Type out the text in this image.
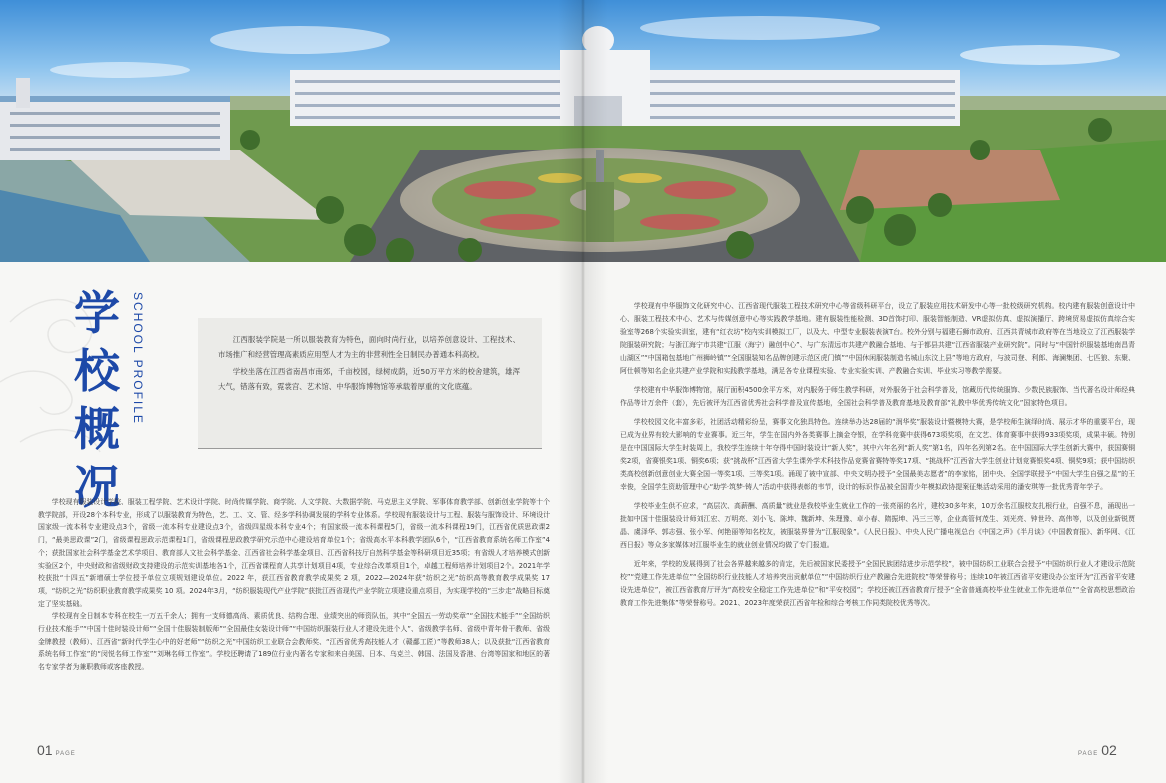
学
校
概
况
SCHOOL PROFILE	江西服装学院是一所以服装教育为特色，面向时尚行业，以培养创意设计、工程技术、市场推广和经营管理高素质应用型人才为主的非营利性全日制民办普通本科高校。

学校坐落在江西省南昌市南郊，千亩校园，绿树成荫，近50万平方米的校舍建筑，雄浑大气，错落有致，霓裳宫、艺术馆、中华服饰博物馆等承载着厚重的文化底蕴。

学校现有服装设计学院、服装工程学院、艺术设计学院、时尚传媒学院、商学院、人文学院、大数据学院、马克思主义学院、军事体育教学部、创新创业学院等十个教学院部，开设28个本科专业，形成了以服装教育为特色，艺、工、文、管、经多学科协调发展的学科专业体系。学校现有服装设计与工程、服装与服饰设计、环境设计国家级一流本科专业建设点3个，省级一流本科专业建设点3个，省级四星级本科专业4个；有国家级一流本科课程5门，省级一流本科课程19门，江西省优质思政课2门，“最美思政课”2门，省级课程思政示范课程1门，省级课程思政教学研究示范中心建设培育单位1个；省级高水平本科教学团队6个，“江西省教育系统名师工作室”4个；获批国家社会科学基金艺术学项目、教育部人文社会科学基金、江西省社会科学基金项目、江西省科技厅自然科学基金等科研项目近35项；有省级人才培养模式创新实验区2个，中央财政和省级财政支持建设的示范实训基地各1个，江西省课程育人共享计划项目4项，专业综合改革项目1个，卓越工程师培养计划项目2个。2021年学校获批“十四五”新增硕士学位授予单位立项规划建设单位。2022 年，获江西省教育教学成果奖 2 项，2022—2024年获“纺织之光”纺织高等教育教学成果奖 17 项，“纺织之光”纺织职业教育教学成果奖 10 项。2024年3月，“纺织服装现代产业学院”获批江西省现代产业学院立项建设重点项目，为实现学校的“三步走”战略目标奠定了坚实基础。

学校现有全日制本专科在校生一万五千余人；拥有一支师德高尚、素质优良、结构合理、业绩突出的师资队伍，其中“全国五一劳动奖章”“全国技术能手”“全国纺织行业技术能手”“中国十佳时装设计师”“全国十佳服装制版师”“全国最佳女装设计师”“中国纺织服装行业人才建设先进个人”、省级教学名师、省级中青年骨干教师、省级金牌教授（教师）、江西省“新时代学生心中的好老师”“纺织之光”中国纺织工业联合会教师奖、“江西省优秀高技能人才（赣鄱工匠）”等教师38人；以及获批“江西省教育系统名师工作室”的“闵悦名师工作室”“刘琳名师工作室”。学校还聘请了189位行业内著名专家和来自美国、日本、乌克兰、韩国、法国及香港、台湾等国家和地区的著名专家学者为兼职教师或客座教授。

01 PAGE

学校现有中华服饰文化研究中心、江西省现代服装工程技术研究中心等省级科研平台，设立了服装应用技术研发中心等一批校级研究机构。校内建有服装创意设计中心、服装工程技术中心、艺术与传媒创意中心等实践教学基地。建有服装性能检测、3D首饰打印、服装智能制造、VR虚拟仿真、虚拟演播厅、跨境贸易虚拟仿真综合实验室等268个实验实训室，建有“红衣坊”校内实训模拟工厂，以及大、中型专业服装表演T台。校外分别与福建石狮市政府、江西共青城市政府等在当地设立了江西服装学院服装研究院；与浙江海宁市共建“江服（海宁）融创中心”、与广东清远市共建产教融合基地、与于都县共建“江西省服装产业研究院”。同时与“中国针织服装基地南昌青山湖区”“中国箱包基地广州狮岭镇”“全国服装知名品牌创建示范区虎门镇”“中国休闲服装制造名城山东汶上县”等地方政府，与波司登、利郎、海澜集团、七匹狼、东聚、阿仕顿等知名企业共建产业学院和实践教学基地，满足各专业课程实验、专业实验实训、产教融合实训、毕业实习等教学需要。

学校建有中华服饰博物馆，展厅面积4500余平方米，对内服务于师生教学科研，对外服务于社会科学普及，馆藏历代传统服饰、少数民族服饰、当代著名设计师经典作品等计万余件（套），先后被评为江西省优秀社会科学普及宣传基地，全国社会科学普及教育基地及教育部“礼教中华优秀传统文化”国家特色项目。

学校校园文化丰富多彩，社团活动精彩纷呈，赛事文化独具特色。连续举办达28届的“润华奖”服装设计暨模特大赛，是学校师生演绎时尚、展示才华的重要平台，现已成为业界有较大影响的专业赛事。近三年，学生在国内外各类赛事上摘金夺银，在学科竞赛中获得673项奖项，在文艺、体育赛事中获得933项奖项，成果丰硕。特别是在中国国际大学生时装周上，我校学生连续十年夺得中国时装设计“新人奖”，其中六年名列“新人奖”第1名，四年名列第2名。在中国国际大学生创新大赛中，获国赛铜奖2项，省赛银奖1项、铜奖6项；获“挑战杯”江西省大学生课外学术科技作品竞赛省赛特等奖17项、“挑战杯”江西省大学生创业计划竞赛银奖4项、铜奖9项；获中国纺织类高校创新创意创业大赛全国一等奖1项、三等奖1项。涌现了被中宣部、中央文明办授予“全国最美志愿者”的李家铭，团中央、全国学联授予“中国大学生自强之星”的王幸俊，全国学生资助管理中心“助学·筑梦·铸人”活动中获得表彰的韦节，设计的标识作品被全国青少年模拟政协提案征集活动采用的潘安琪等一批优秀青年学子。

学校毕业生供不应求，“高层次、高薪酬、高质量”就业是我校毕业生就业工作的一张亮丽的名片，建校30多年来，10万余名江服校友扎根行业，自强不息，涌现出一批如中国十佳服装设计师刘江宏、万明亮、刘小飞、陈坤、魏新坤、朱理豫、卓小春、隋振坤、冯三三等，企业高管何茂生、刘光亮、钟世玲、高伟等，以及创业新锐贾晶、虞泽华、郭志强、张小军、何艳丽等知名校友，被服装界誉为“江服现象”。《人民日报》、中央人民广播电视总台《中国之声》《半月谈》《中国教育报》、新华网、《江西日报》等众多家媒体对江服毕业生的就业创业情况均做了专门报道。

近年来，学校的发展得到了社会各界越来越多的肯定，先后被国家民委授予“全国民族团结进步示范学校”，被中国纺织工业联合会授予“中国纺织行业人才建设示范院校”“党建工作先进单位”“全国纺织行业技能人才培养突出贡献单位”“中国纺织行业产教融合先进院校”等荣誉称号；连续10年被江西省平安建设办公室评为“江西省平安建设先进单位”，被江西省教育厅评为“高校安全稳定工作先进单位”和“平安校园”；学校还被江西省教育厅授予“全省普通高校毕业生就业工作先进单位”“全省高校思想政治教育工作先进集体”等荣誉称号。2021、2023年度荣获江西省年检和综合考核工作同类院校优秀等次。

PAGE 02
